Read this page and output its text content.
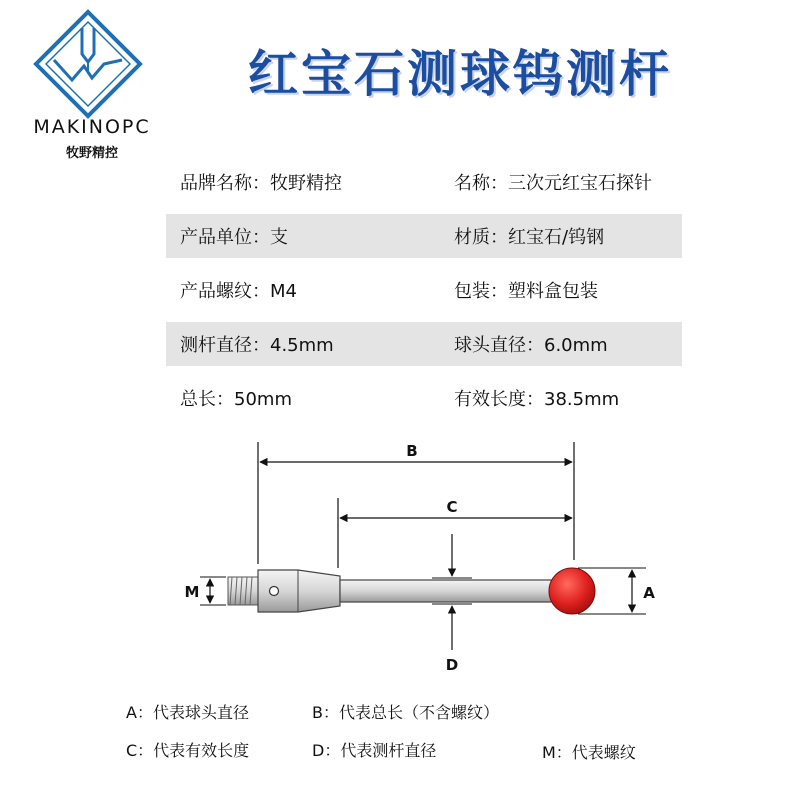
MAKINOPC
牧野精控
红宝石测球钨测杆
品牌名称：牧野精控	名称：三次元红宝石探针
产品单位：支	材质：红宝石/钨钢
产品螺纹：M4	包装：塑料盒包装
测杆直径：4.5mm	球头直径：6.0mm
总长：50mm	有效长度：38.5mm
B
C
D
A
M
A：代表球头直径	B：代表总长（不含螺纹）
C：代表有效长度	D：代表测杆直径	M：代表螺纹
